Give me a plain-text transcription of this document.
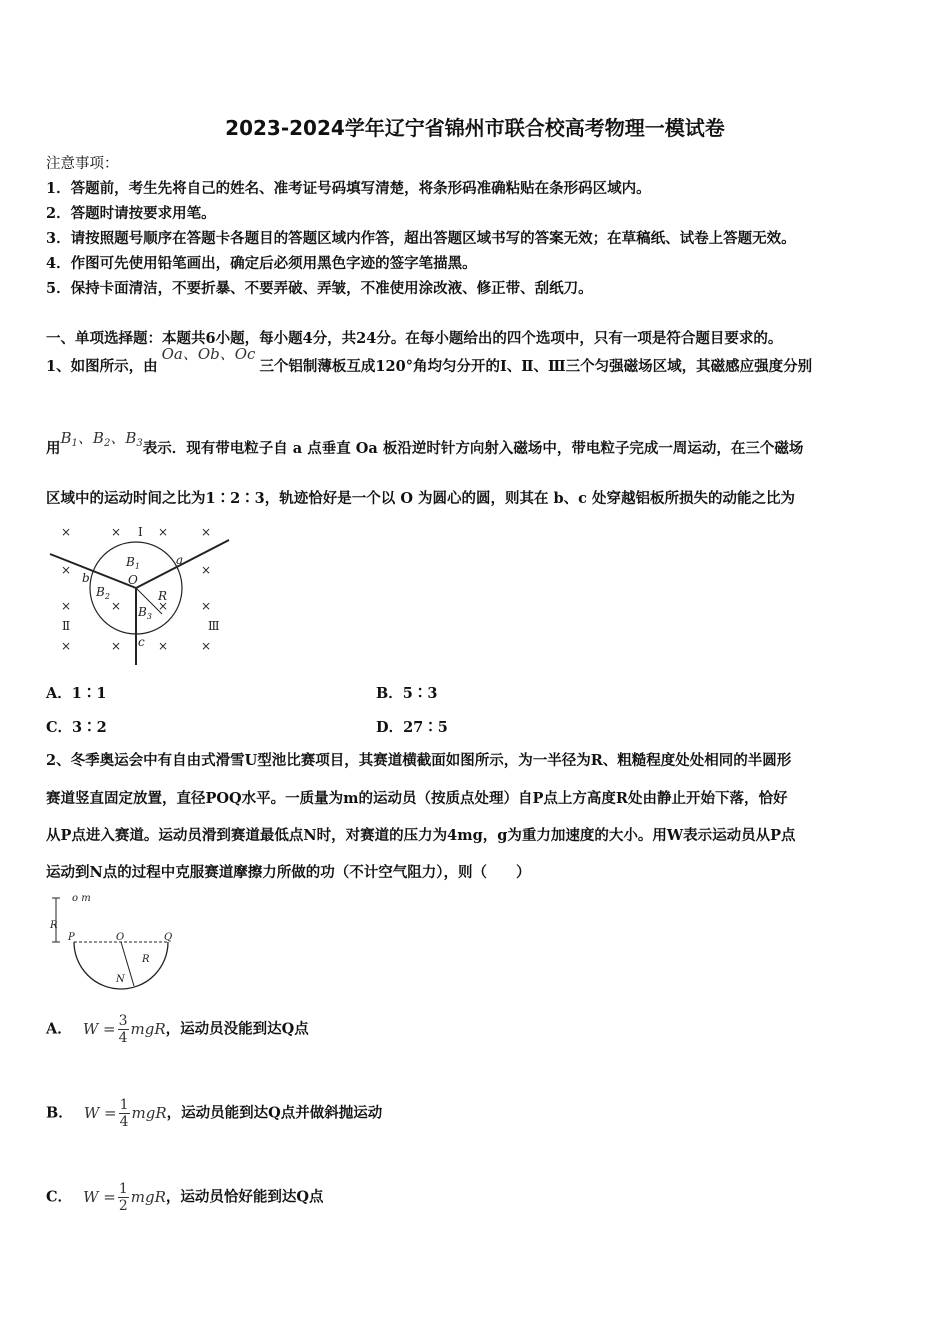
2023-2024学年辽宁省锦州市联合校高考物理一模试卷
注意事项：
1．答题前，考生先将自己的姓名、准考证号码填写清楚，将条形码准确粘贴在条形码区域内。
2．答题时请按要求用笔。
3．请按照题号顺序在答题卡各题目的答题区域内作答，超出答题区域书写的答案无效；在草稿纸、试卷上答题无效。
4．作图可先使用铅笔画出，确定后必须用黑色字迹的签字笔描黑。
5．保持卡面清洁，不要折暴、不要弄破、弄皱，不准使用涂改液、修正带、刮纸刀。
一、单项选择题：本题共6小题，每小题4分，共24分。在每小题给出的四个选项中，只有一项是符合题目要求的。
1、如图所示，由Oa、Ob、Oc三个铝制薄板互成120°角均匀分开的Ⅰ、Ⅱ、Ⅲ三个匀强磁场区域，其磁感应强度分别
用$B_1$、$B_2$、$B_3$表示．现有带电粒子自 a 点垂直 Oa 板沿逆时针方向射入磁场中，带电粒子完成一周运动，在三个磁场
区域中的运动时间之比为1∶2∶3，轨迹恰好是一个以 O 为圆心的圆，则其在 b、c 处穿越铝板所损失的动能之比为
×	× Ⅰ ×	×
×	×
×	×	×	×
×	×	×	×
Ⅱ	Ⅲ
O
a
b
c
R
$B_1$
$B_2$
$B_3$
A．1∶1	B．5∶3
C．3∶2	D．27∶5
2、冬季奥运会中有自由式滑雪U型池比赛项目，其赛道横截面如图所示，为一半径为R、粗糙程度处处相同的半圆形
赛道竖直固定放置，直径POQ水平。一质量为m的运动员（按质点处理）自P点上方高度R处由静止开始下落，恰好
从P点进入赛道。运动员滑到赛道最低点N时，对赛道的压力为4mg，g为重力加速度的大小。用W表示运动员从P点
运动到N点的过程中克服赛道摩擦力所做的功（不计空气阻力），则（　　）
o m
R
P	O	Q
R
N
A． $W = \frac{3}{4}$ mgR，运动员没能到达Q点
B． $W = \frac{1}{4}$ mgR，运动员能到达Q点并做斜抛运动
C． $W = \frac{1}{2}$ mgR，运动员恰好能到达Q点
